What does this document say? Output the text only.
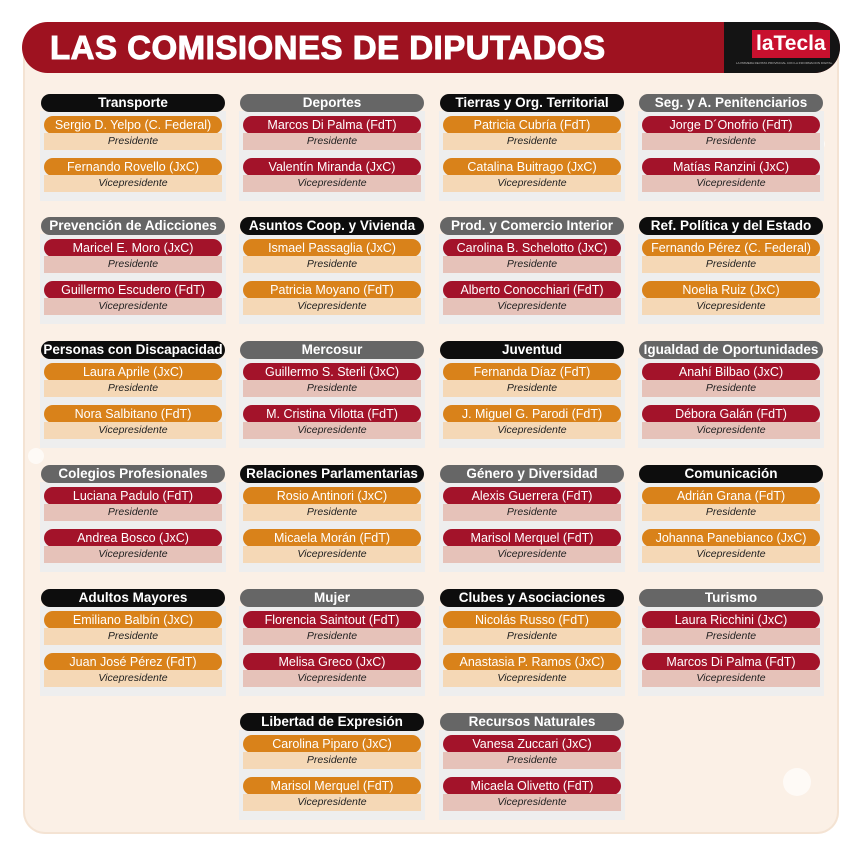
LAS COMISIONES DE DIPUTADOS	laTecla
LA PRIMERA REVISTA PROVINCIAL CON LA INFORMACION DIGITAL
Sergio D. Yelpo (C. Federal)
Presidente
Fernando Rovello (JxC)
Vicepresidente
Transporte
Marcos Di Palma (FdT)
Presidente
Valentín Miranda (JxC)
Vicepresidente
Deportes
Patricia Cubría (FdT)
Presidente
Catalina Buitrago (JxC)
Vicepresidente
Tierras y Org. Territorial
Jorge D´Onofrio (FdT)
Presidente
Matías Ranzini (JxC)
Vicepresidente
Seg. y A. Penitenciarios
Maricel E. Moro (JxC)
Presidente
Guillermo Escudero (FdT)
Vicepresidente
Prevención de Adicciones
Ismael Passaglia (JxC)
Presidente
Patricia Moyano (FdT)
Vicepresidente
Asuntos Coop. y Vivienda
Carolina B. Schelotto (JxC)
Presidente
Alberto Conocchiari (FdT)
Vicepresidente
Prod. y Comercio Interior
Fernando Pérez (C. Federal)
Presidente
Noelia Ruiz (JxC)
Vicepresidente
Ref. Política y del Estado
Laura Aprile (JxC)
Presidente
Nora Salbitano (FdT)
Vicepresidente
Personas con Discapacidad
Guillermo S. Sterli (JxC)
Presidente
M. Cristina Vilotta (FdT)
Vicepresidente
Mercosur
Fernanda Díaz (FdT)
Presidente
J. Miguel G. Parodi (FdT)
Vicepresidente
Juventud
Anahí Bilbao (JxC)
Presidente
Débora Galán (FdT)
Vicepresidente
Igualdad de Oportunidades
Luciana Padulo (FdT)
Presidente
Andrea Bosco (JxC)
Vicepresidente
Colegios Profesionales
Rosio Antinori (JxC)
Presidente
Micaela Morán (FdT)
Vicepresidente
Relaciones Parlamentarias
Alexis Guerrera (FdT)
Presidente
Marisol Merquel (FdT)
Vicepresidente
Género y Diversidad
Adrián Grana (FdT)
Presidente
Johanna Panebianco (JxC)
Vicepresidente
Comunicación
Emiliano Balbín (JxC)
Presidente
Juan José Pérez (FdT)
Vicepresidente
Adultos Mayores
Florencia Saintout (FdT)
Presidente
Melisa Greco (JxC)
Vicepresidente
Mujer
Nicolás Russo (FdT)
Presidente
Anastasia P. Ramos (JxC)
Vicepresidente
Clubes y Asociaciones
Laura Ricchini (JxC)
Presidente
Marcos Di Palma (FdT)
Vicepresidente
Turismo
Carolina Piparo (JxC)
Presidente
Marisol Merquel (FdT)
Vicepresidente
Libertad de Expresión
Vanesa Zuccari (JxC)
Presidente
Micaela Olivetto (FdT)
Vicepresidente
Recursos Naturales
